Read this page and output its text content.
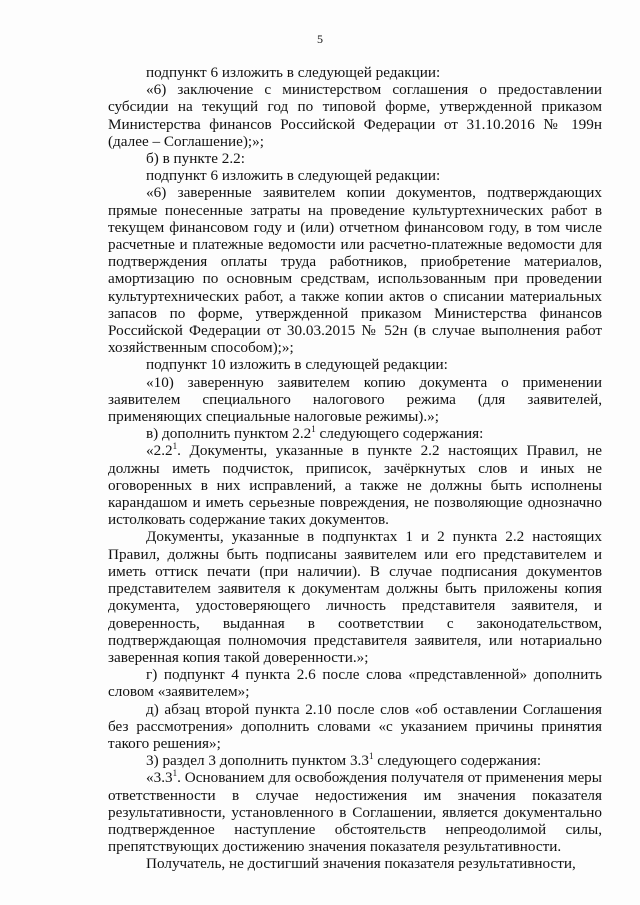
5

подпункт 6 изложить в следующей редакции:

«6) заключение с министерством соглашения о предоставлении субсидии на текущий год по типовой форме, утвержденной приказом Министерства финансов Российской Федерации от 31.10.2016 № 199н (далее – Соглашение);»;

б) в пункте 2.2:

подпункт 6 изложить в следующей редакции:

«6) заверенные заявителем копии документов, подтверждающих прямые понесенные затраты на проведение культуртехнических работ в текущем финансовом году и (или) отчетном финансовом году, в том числе расчетные и платежные ведомости или расчетно-платежные ведомости для подтверждения оплаты труда работников, приобретение материалов, амортизацию по основным средствам, использованным при проведении культуртехнических работ, а также копии актов о списании материальных запасов по форме, утвержденной приказом Министерства финансов Российской Федерации от 30.03.2015 № 52н (в случае выполнения работ хозяйственным способом);»;

подпункт 10 изложить в следующей редакции:

«10) заверенную заявителем копию документа о применении заявителем специального налогового режима (для заявителей, применяющих специальные налоговые режимы).»;

в) дополнить пунктом $2.2^1$ следующего содержания:

«$2.2^1$. Документы, указанные в пункте 2.2 настоящих Правил, не должны иметь подчисток, приписок, зачёркнутых слов и иных не оговоренных в них исправлений, а также не должны быть исполнены карандашом и иметь серьезные повреждения, не позволяющие однозначно истолковать содержание таких документов.

Документы, указанные в подпунктах 1 и 2 пункта 2.2 настоящих Правил, должны быть подписаны заявителем или его представителем и иметь оттиск печати (при наличии). В случае подписания документов представителем заявителя к документам должны быть приложены копия документа, удостоверяющего личность представителя заявителя, и доверенность, выданная в соответствии с законодательством, подтверждающая полномочия представителя заявителя, или нотариально заверенная копия такой доверенности.»;

г) подпункт 4 пункта 2.6 после слова «представленной» дополнить словом «заявителем»;

д) абзац второй пункта 2.10 после слов «об оставлении Соглашения без рассмотрения» дополнить словами «с указанием причины принятия такого решения»;

3) раздел 3 дополнить пунктом $3.3^1$ следующего содержания:

«$3.3^1$. Основанием для освобождения получателя от применения меры ответственности в случае недостижения им значения показателя результативности, установленного в Соглашении, является документально подтвержденное наступление обстоятельств непреодолимой силы, препятствующих достижению значения показателя результативности.

Получатель, не достигший значения показателя результативности,
